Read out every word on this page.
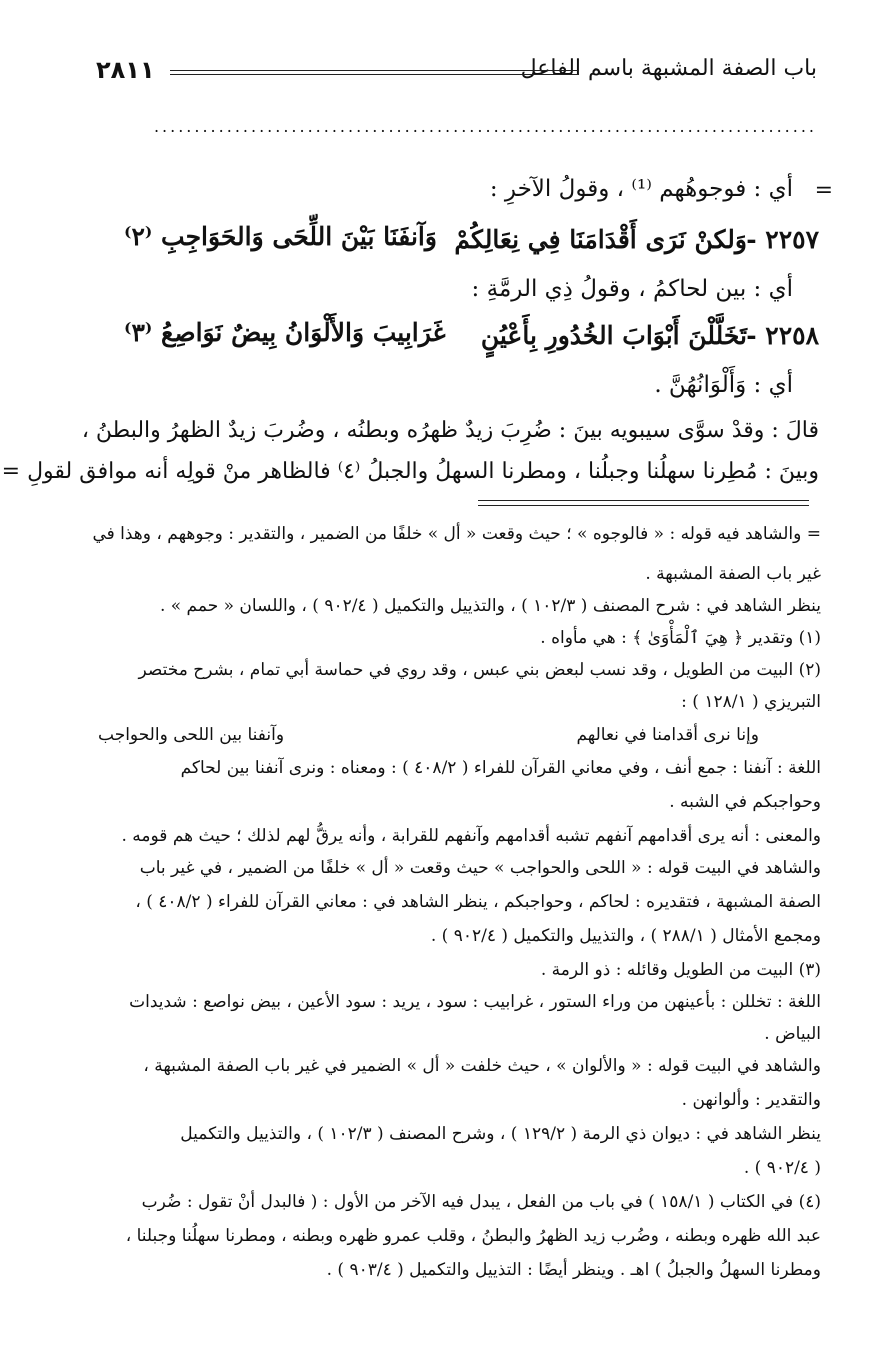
باب الصفة المشبهة باسم الفاعل
٢٨١١
..................................................................................
=
أي : فوجوهُهم ⁽¹⁾ ، وقولُ الآخرِ :
٢٢٥٧ -
وَلكنْ نَرَى أَقْدَامَنَا فِي نِعَالِكُمْ
وَآنفَنَا بَيْنَ اللِّحَى وَالحَوَاجِبِ ⁽٢⁾
أي : بين لحاكمُ ، وقولُ ذِي الرمَّةِ :
٢٢٥٨ -
تَخَلَّلْنَ أَبْوَابَ الخُدُورِ بِأَعْيُنٍ
غَرَابِيبَ وَالأَلْوَانُ بِيضٌ نَوَاصِعُ ⁽٣⁾
أي : وَأَلْوَانُهُنَّ .
قالَ : وقدْ سوَّى سيبويه بينَ : ضُرِبَ زيدٌ ظهرُه وبطنُه ، وضُربَ زيدٌ الظهرُ والبطنُ ،
وبينَ : مُطِرنا سهلُنا وجبلُنا ، ومطرنا السهلُ والجبلُ ⁽٤⁾ فالظاهر منْ قولِه أنه موافق لقولِ =
= والشاهد فيه قوله : « فالوجوه » ؛ حيث وقعت « أل » خلفًا من الضمير ، والتقدير : وجوههم ، وهذا في
غير باب الصفة المشبهة .
ينظر الشاهد في : شرح المصنف ( ١٠٢/٣ ) ، والتذييل والتكميل ( ٩٠٢/٤ ) ، واللسان « حمم » .
(١) وتقدير ﴿ هِيَ ٱلْمَأْوَىٰ ﴾ : هي مأواه .
(٢) البيت من الطويل ، وقد نسب لبعض بني عبس ، وقد روي في حماسة أبي تمام ، بشرح مختصر
التبريزي ( ١٢٨/١ ) :
وإنا نرى أقدامنا في نعالهم
وآنفنا بين اللحى والحواجب
اللغة : آنفنا : جمع أنف ، وفي معاني القرآن للفراء ( ٤٠٨/٢ ) : ومعناه : ونرى آنفنا بين لحاكم
وحواجبكم في الشبه .
والمعنى : أنه يرى أقدامهم آنفهم تشبه أقدامهم وآنفهم للقرابة ، وأنه يرقُّ لهم لذلك ؛ حيث هم قومه .
والشاهد في البيت قوله : « اللحى والحواجب » حيث وقعت « أل » خلفًا من الضمير ، في غير باب
الصفة المشبهة ، فتقديره : لحاكم ، وحواجبكم ، ينظر الشاهد في : معاني القرآن للفراء ( ٤٠٨/٢ ) ،
ومجمع الأمثال ( ٢٨٨/١ ) ، والتذييل والتكميل ( ٩٠٢/٤ ) .
(٣) البيت من الطويل وقائله : ذو الرمة .
اللغة : تخللن : بأعينهن من وراء الستور ، غرابيب : سود ، يريد : سود الأعين ، بيض نواصع : شديدات
البياض .
والشاهد في البيت قوله : « والألوان » ، حيث خلفت « أل » الضمير في غير باب الصفة المشبهة ،
والتقدير : وألوانهن .
ينظر الشاهد في : ديوان ذي الرمة ( ١٢٩/٢ ) ، وشرح المصنف ( ١٠٢/٣ ) ، والتذييل والتكميل
( ٩٠٢/٤ ) .
(٤) في الكتاب ( ١٥٨/١ ) في باب من الفعل ، يبدل فيه الآخر من الأول : ( فالبدل أنْ تقول : ضُرب
عبد الله ظهره وبطنه ، وضُرب زيد الظهرُ والبطنُ ، وقلب عمرو ظهره وبطنه ، ومطرنا سهلُنا وجبلنا ،
ومطرنا السهلُ والجبلُ ) اهـ . وينظر أيضًا : التذييل والتكميل ( ٩٠٣/٤ ) .
